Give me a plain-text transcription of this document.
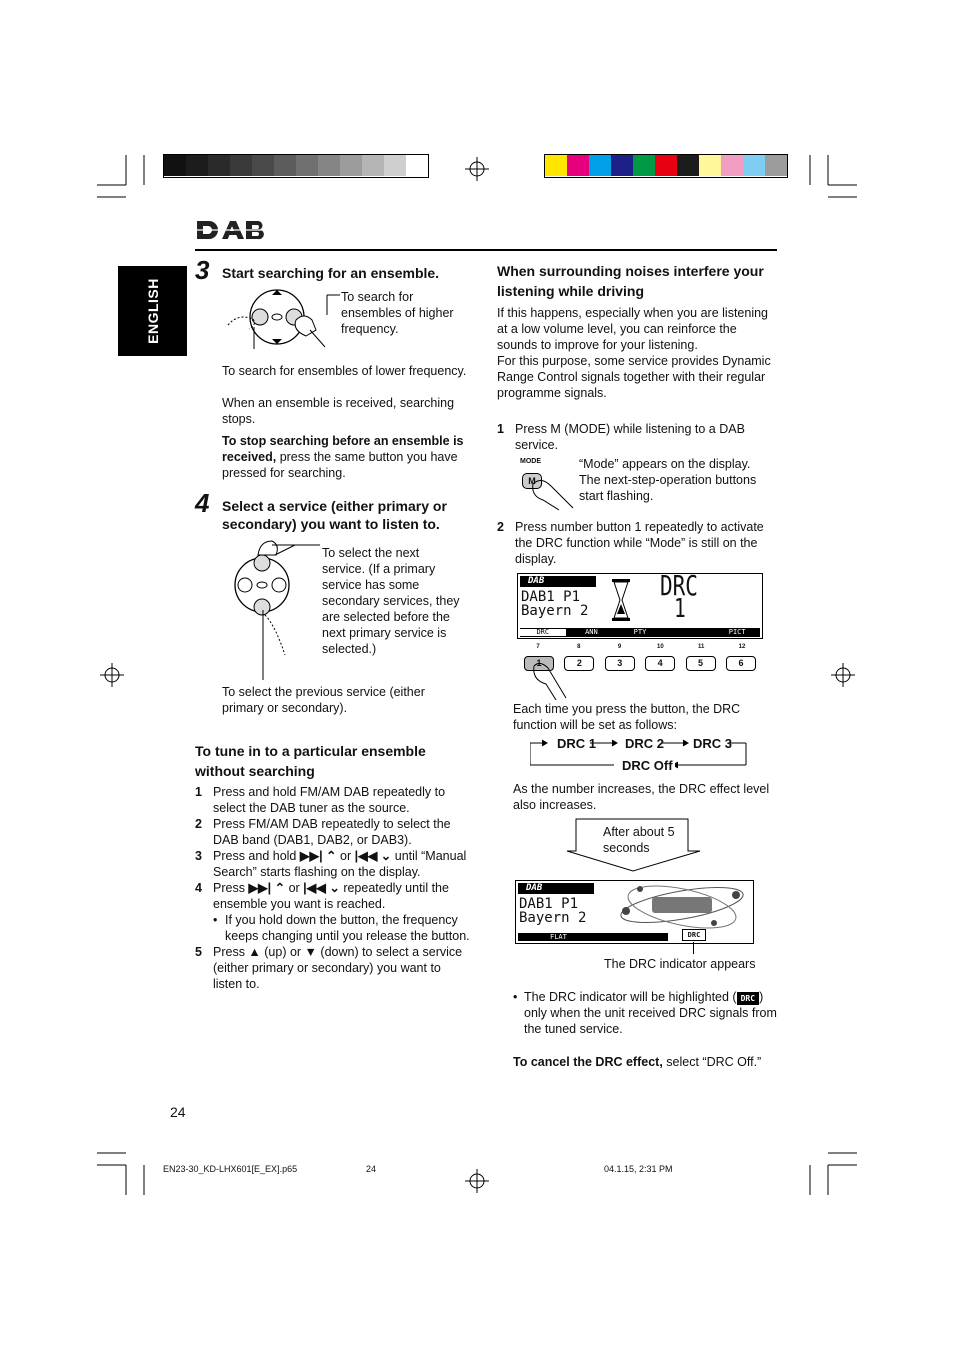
ENGLISH
3 Start searching for an ensemble.
To search for ensembles of higher frequency.
To search for ensembles of lower frequency.
When an ensemble is received, searching stops.
To stop searching before an ensemble is received, press the same button you have pressed for searching.
4 Select a service (either primary or secondary) you want to listen to.
To select the next service. (If a primary service has some secondary services, they are selected before the next primary service is selected.)
To select the previous service (either primary or secondary).
To tune in to a particular ensemble without searching
1 Press and hold FM/AM DAB repeatedly to select the DAB tuner as the source.
2 Press FM/AM DAB repeatedly to select the DAB band (DAB1, DAB2, or DAB3).
3 Press and hold ▶▶| ⌃ or |◀◀ ⌄ until “Manual Search” starts flashing on the display.
4 Press ▶▶| ⌃ or |◀◀ ⌄ repeatedly until the ensemble you want is reached.
• If you hold down the button, the frequency keeps changing until you release the button.
5 Press ▲ (up) or ▼ (down) to select a service (either primary or secondary) you want to listen to.
When surrounding noises interfere your listening while driving
If this happens, especially when you are listening at a low volume level, you can reinforce the sounds to improve for your listening.
For this purpose, some service provides Dynamic Range Control signals together with their regular programme signals.
1 Press M (MODE) while listening to a DAB service.
MODE
M
“Mode” appears on the display. The next-step-operation buttons start flashing.
2 Press number button 1 repeatedly to activate the DRC function while “Mode” is still on the display.
DAB
DAB1 P1
Bayern 2
DRC
1
DRC	ANN	PTY	PICT
7	8	9	10	11	12
1	2	3	4	5	6
Each time you press the button, the DRC function will be set as follows:
DRC 1 DRC 2 DRC 3
DRC Off
As the number increases, the DRC effect level also increases.
After about 5 seconds
DAB
DAB1 P1
Bayern 2
FLAT	DRC
The DRC indicator appears
• The DRC indicator will be highlighted ( DRC ) only when the unit received DRC signals from the tuned service.
To cancel the DRC effect, select “DRC Off.”
24
EN23-30_KD-LHX601[E_EX].p65	24	04.1.15, 2:31 PM
